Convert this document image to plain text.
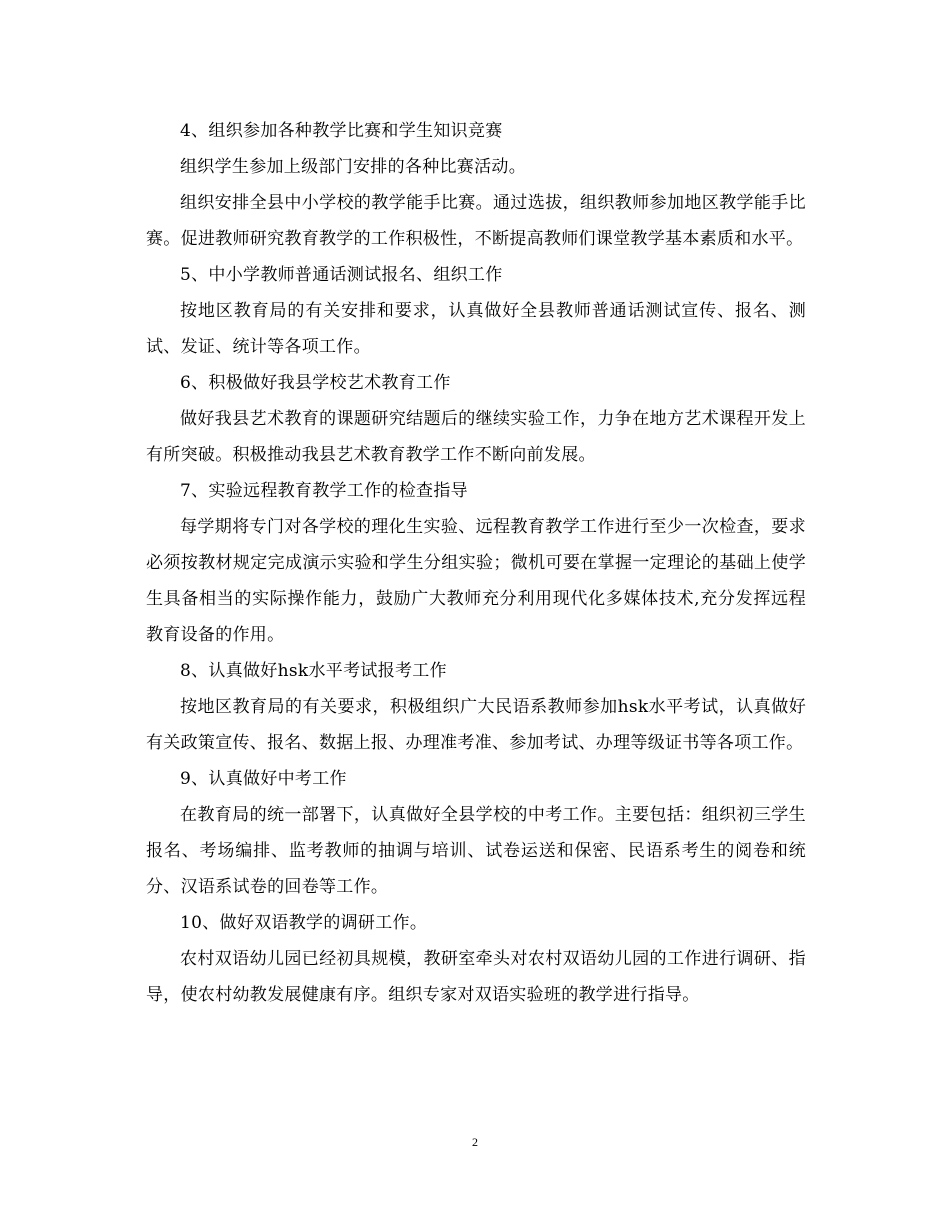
4、组织参加各种教学比赛和学生知识竞赛

组织学生参加上级部门安排的各种比赛活动。

组织安排全县中小学校的教学能手比赛。通过选拔，组织教师参加地区教学能手比赛。促进教师研究教育教学的工作积极性，不断提高教师们课堂教学基本素质和水平。

5、中小学教师普通话测试报名、组织工作

按地区教育局的有关安排和要求，认真做好全县教师普通话测试宣传、报名、测试、发证、统计等各项工作。

6、积极做好我县学校艺术教育工作

做好我县艺术教育的课题研究结题后的继续实验工作，力争在地方艺术课程开发上有所突破。积极推动我县艺术教育教学工作不断向前发展。

7、实验远程教育教学工作的检查指导

每学期将专门对各学校的理化生实验、远程教育教学工作进行至少一次检查，要求必须按教材规定完成演示实验和学生分组实验；微机可要在掌握一定理论的基础上使学生具备相当的实际操作能力，鼓励广大教师充分利用现代化多媒体技术,充分发挥远程教育设备的作用。

8、认真做好hsk水平考试报考工作

按地区教育局的有关要求，积极组织广大民语系教师参加hsk水平考试，认真做好有关政策宣传、报名、数据上报、办理准考准、参加考试、办理等级证书等各项工作。

9、认真做好中考工作

在教育局的统一部署下，认真做好全县学校的中考工作。主要包括：组织初三学生报名、考场编排、监考教师的抽调与培训、试卷运送和保密、民语系考生的阅卷和统分、汉语系试卷的回卷等工作。

10、做好双语教学的调研工作。

农村双语幼儿园已经初具规模，教研室牵头对农村双语幼儿园的工作进行调研、指导，使农村幼教发展健康有序。组织专家对双语实验班的教学进行指导。

2
